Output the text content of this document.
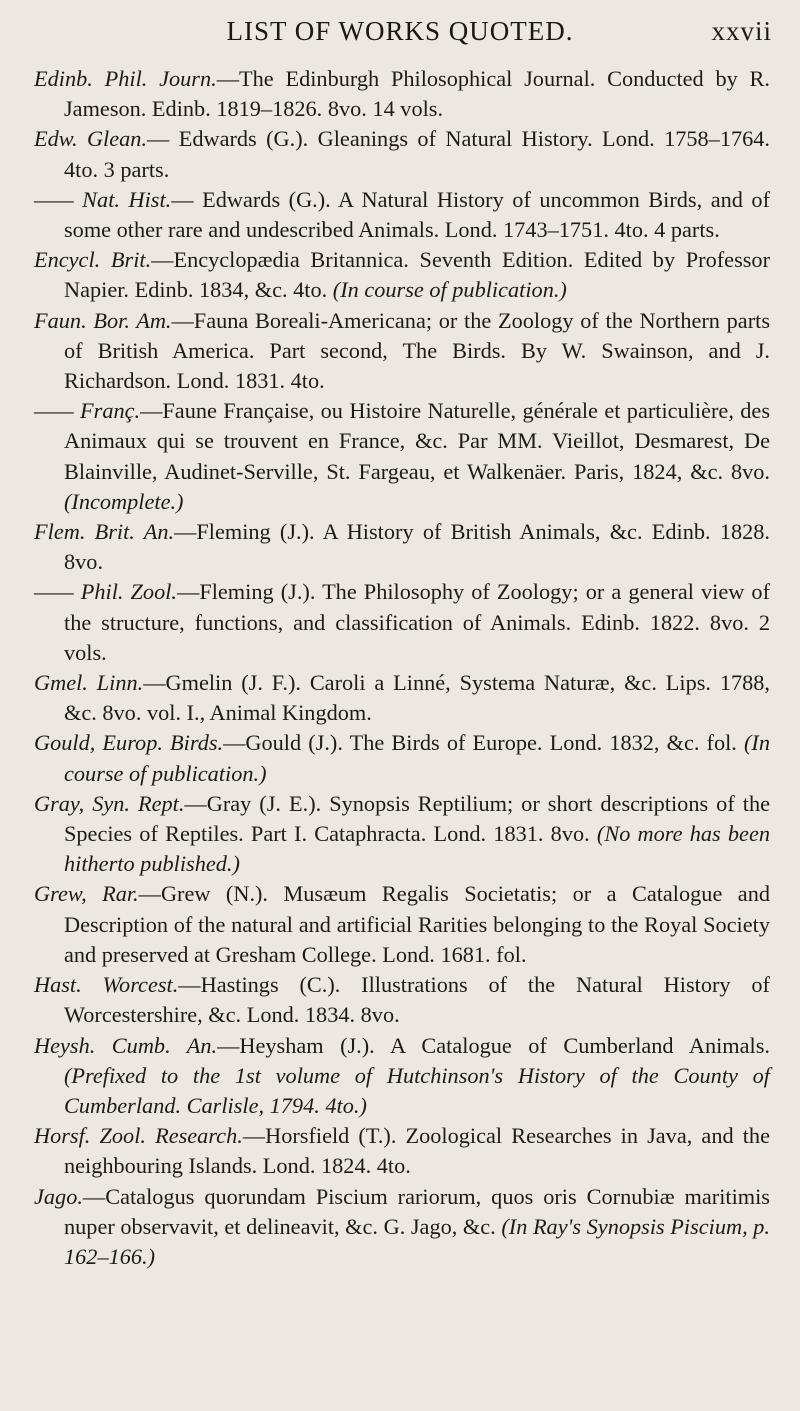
LIST OF WORKS QUOTED.	xxvii

Edinb. Phil. Journ.—The Edinburgh Philosophical Journal. Conducted by R. Jameson. Edinb. 1819–1826. 8vo. 14 vols.

Edw. Glean.— Edwards (G.). Gleanings of Natural History. Lond. 1758–1764. 4to. 3 parts.

—— Nat. Hist.— Edwards (G.). A Natural History of uncommon Birds, and of some other rare and undescribed Animals. Lond. 1743–1751. 4to. 4 parts.

Encycl. Brit.—Encyclopædia Britannica. Seventh Edition. Edited by Professor Napier. Edinb. 1834, &c. 4to. (In course of publication.)

Faun. Bor. Am.—Fauna Boreali-Americana; or the Zoology of the Northern parts of British America. Part second, The Birds. By W. Swainson, and J. Richardson. Lond. 1831. 4to.

—— Franç.—Faune Française, ou Histoire Naturelle, générale et particulière, des Animaux qui se trouvent en France, &c. Par MM. Vieillot, Desmarest, De Blainville, Audinet-Serville, St. Fargeau, et Walkenäer. Paris, 1824, &c. 8vo. (Incomplete.)

Flem. Brit. An.—Fleming (J.). A History of British Animals, &c. Edinb. 1828. 8vo.

—— Phil. Zool.—Fleming (J.). The Philosophy of Zoology; or a general view of the structure, functions, and classification of Animals. Edinb. 1822. 8vo. 2 vols.

Gmel. Linn.—Gmelin (J. F.). Caroli a Linné, Systema Naturæ, &c. Lips. 1788, &c. 8vo. vol. I., Animal Kingdom.

Gould, Europ. Birds.—Gould (J.). The Birds of Europe. Lond. 1832, &c. fol. (In course of publication.)

Gray, Syn. Rept.—Gray (J. E.). Synopsis Reptilium; or short descriptions of the Species of Reptiles. Part I. Cataphracta. Lond. 1831. 8vo. (No more has been hitherto published.)

Grew, Rar.—Grew (N.). Musæum Regalis Societatis; or a Catalogue and Description of the natural and artificial Rarities belonging to the Royal Society and preserved at Gresham College. Lond. 1681. fol.

Hast. Worcest.—Hastings (C.). Illustrations of the Natural History of Worcestershire, &c. Lond. 1834. 8vo.

Heysh. Cumb. An.—Heysham (J.). A Catalogue of Cumberland Animals. (Prefixed to the 1st volume of Hutchinson's History of the County of Cumberland. Carlisle, 1794. 4to.)

Horsf. Zool. Research.—Horsfield (T.). Zoological Researches in Java, and the neighbouring Islands. Lond. 1824. 4to.

Jago.—Catalogus quorundam Piscium rariorum, quos oris Cornubiæ maritimis nuper observavit, et delineavit, &c. G. Jago, &c. (In Ray's Synopsis Piscium, p. 162–166.)
